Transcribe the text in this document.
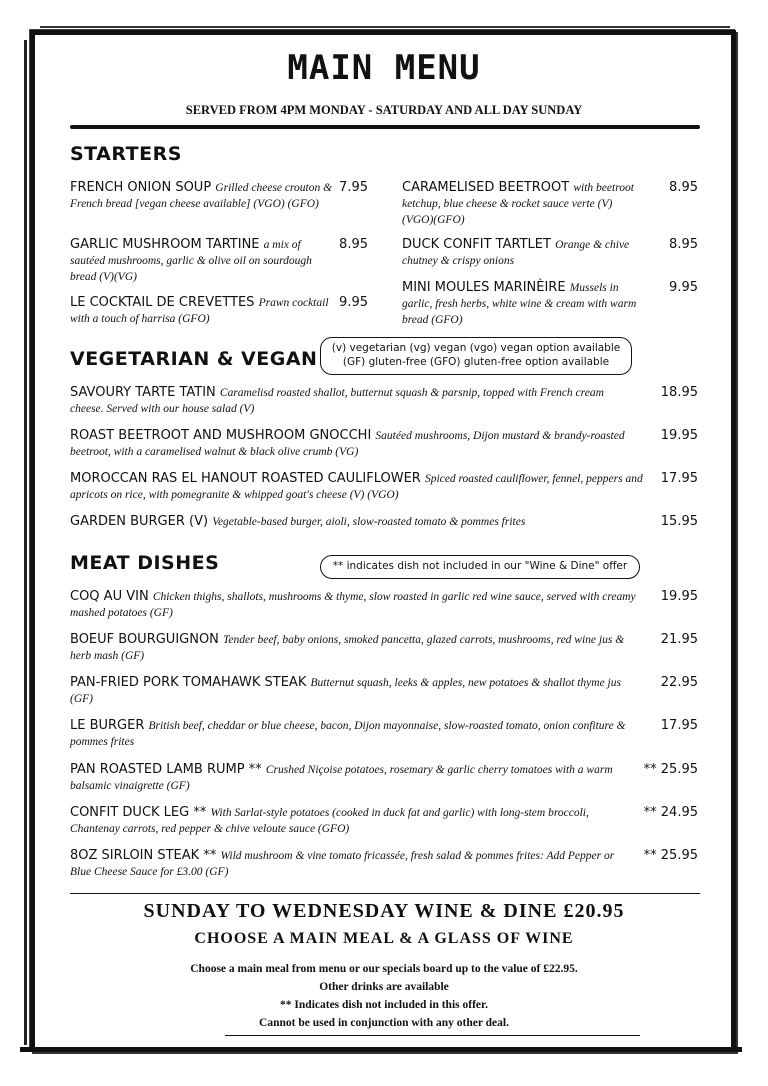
MAIN MENU
SERVED FROM 4PM MONDAY - SATURDAY AND ALL DAY SUNDAY
STARTERS
FRENCH ONION SOUP Grilled cheese crouton & French bread [vegan cheese available] (VGO) (GFO)
7.95
GARLIC MUSHROOM TARTINE a mix of sautéed mushrooms, garlic & olive oil on sourdough bread (V)(VG)
8.95
LE COCKTAIL DE CREVETTES Prawn cocktail with a touch of harrisa (GFO)
9.95
CARAMELISED BEETROOT with beetroot ketchup, blue cheese & rocket sauce verte (V)(VGO)(GFO)
8.95
DUCK CONFIT TARTLET Orange & chive chutney & crispy onions
8.95
MINI MOULES MARINÈIRE Mussels in garlic, fresh herbs, white wine & cream with warm bread (GFO)
9.95
VEGETARIAN & VEGAN	(v) vegetarian (vg) vegan (vgo) vegan option available
(GF) gluten-free (GFO) gluten-free option available
SAVOURY TARTE TATIN Caramelisd roasted shallot, butternut squash & parsnip, topped with French cream cheese. Served with our house salad (V)
18.95
ROAST BEETROOT AND MUSHROOM GNOCCHI Sautéed mushrooms, Dijon mustard & brandy-roasted beetroot, with a caramelised walnut & black olive crumb (VG)
19.95
MOROCCAN RAS EL HANOUT ROASTED CAULIFLOWER Spiced roasted cauliflower, fennel, peppers and apricots on rice, with pomegranite & whipped goat's cheese (V) (VGO)
17.95
GARDEN BURGER (V) Vegetable-based burger, aioli, slow-roasted tomato & pommes frites	15.95
MEAT DISHES	** indicates dish not included in our "Wine & Dine" offer
COQ AU VIN Chicken thighs, shallots, mushrooms & thyme, slow roasted in garlic red wine sauce, served with creamy mashed potatoes (GF)
19.95
BOEUF BOURGUIGNON Tender beef, baby onions, smoked pancetta, glazed carrots, mushrooms, red wine jus & herb mash (GF)
21.95
PAN-FRIED PORK TOMAHAWK STEAK Butternut squash, leeks & apples, new potatoes & shallot thyme jus (GF)
22.95
LE BURGER British beef, cheddar or blue cheese, bacon, Dijon mayonnaise, slow-roasted tomato, onion confiture & pommes frites
17.95
PAN ROASTED LAMB RUMP ** Crushed Niçoise potatoes, rosemary & garlic cherry tomatoes with a warm balsamic vinaigrette (GF)
** 25.95
CONFIT DUCK LEG ** With Sarlat-style potatoes (cooked in duck fat and garlic) with long-stem broccoli, Chantenay carrots, red pepper & chive veloute sauce (GFO)
** 24.95
8OZ SIRLOIN STEAK ** Wild mushroom & vine tomato fricassée, fresh salad & pommes frites: Add Pepper or Blue Cheese Sauce for £3.00 (GF)
** 25.95
SUNDAY TO WEDNESDAY WINE & DINE £20.95
CHOOSE A MAIN MEAL & A GLASS OF WINE
Choose a main meal from menu or our specials board up to the value of £22.95.
Other drinks are available
** Indicates dish not included in this offer.
Cannot be used in conjunction with any other deal.
